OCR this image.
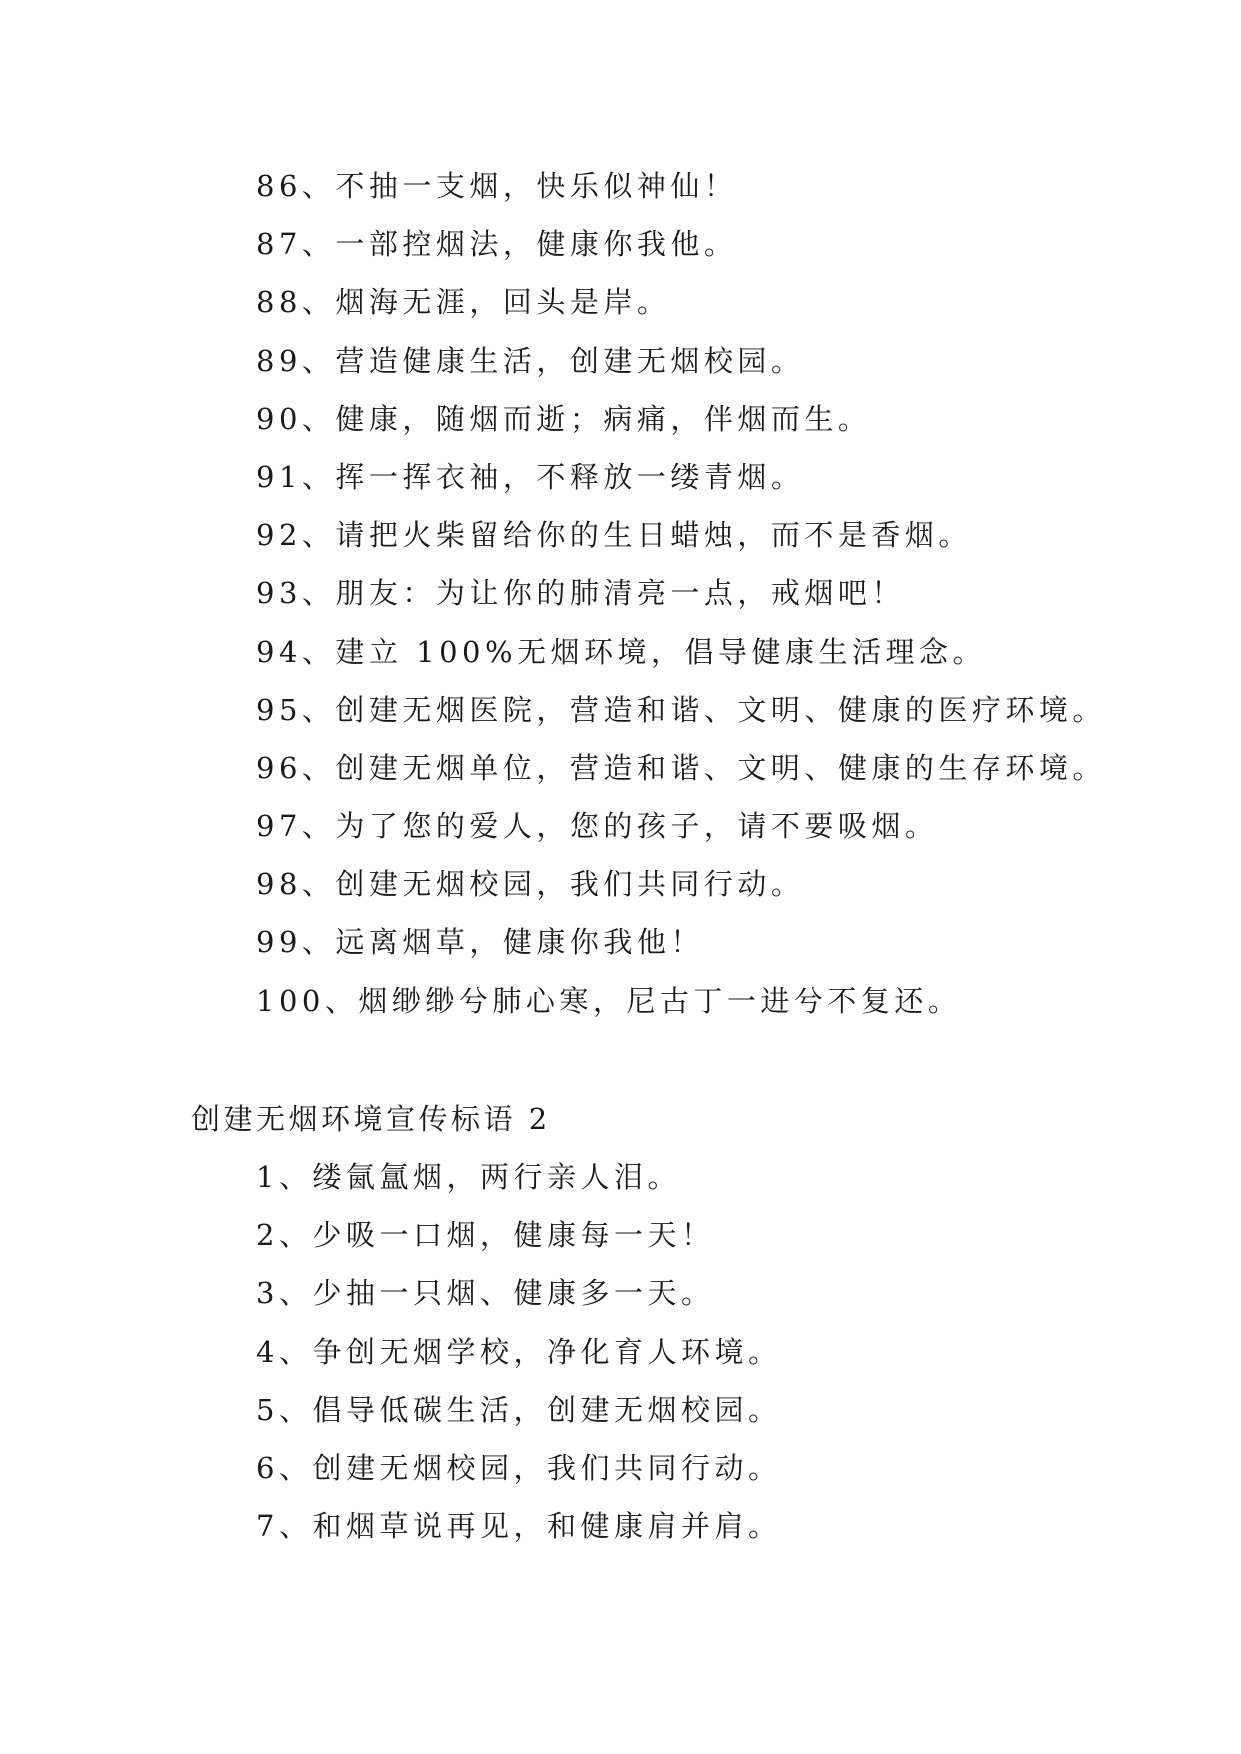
86、不抽一支烟，快乐似神仙！
87、一部控烟法，健康你我他。
88、烟海无涯，回头是岸。
89、营造健康生活，创建无烟校园。
90、健康，随烟而逝；病痛，伴烟而生。
91、挥一挥衣袖，不释放一缕青烟。
92、请把火柴留给你的生日蜡烛，而不是香烟。
93、朋友：为让你的肺清亮一点，戒烟吧！
94、建立 100%无烟环境，倡导健康生活理念。
95、创建无烟医院，营造和谐、文明、健康的医疗环境。
96、创建无烟单位，营造和谐、文明、健康的生存环境。
97、为了您的爱人，您的孩子，请不要吸烟。
98、创建无烟校园，我们共同行动。
99、远离烟草，健康你我他！
100、烟缈缈兮肺心寒，尼古丁一进兮不复还。
创建无烟环境宣传标语 2
1、缕氤氲烟，两行亲人泪。
2、少吸一口烟，健康每一天！
3、少抽一只烟、健康多一天。
4、争创无烟学校，净化育人环境。
5、倡导低碳生活，创建无烟校园。
6、创建无烟校园，我们共同行动。
7、和烟草说再见，和健康肩并肩。
